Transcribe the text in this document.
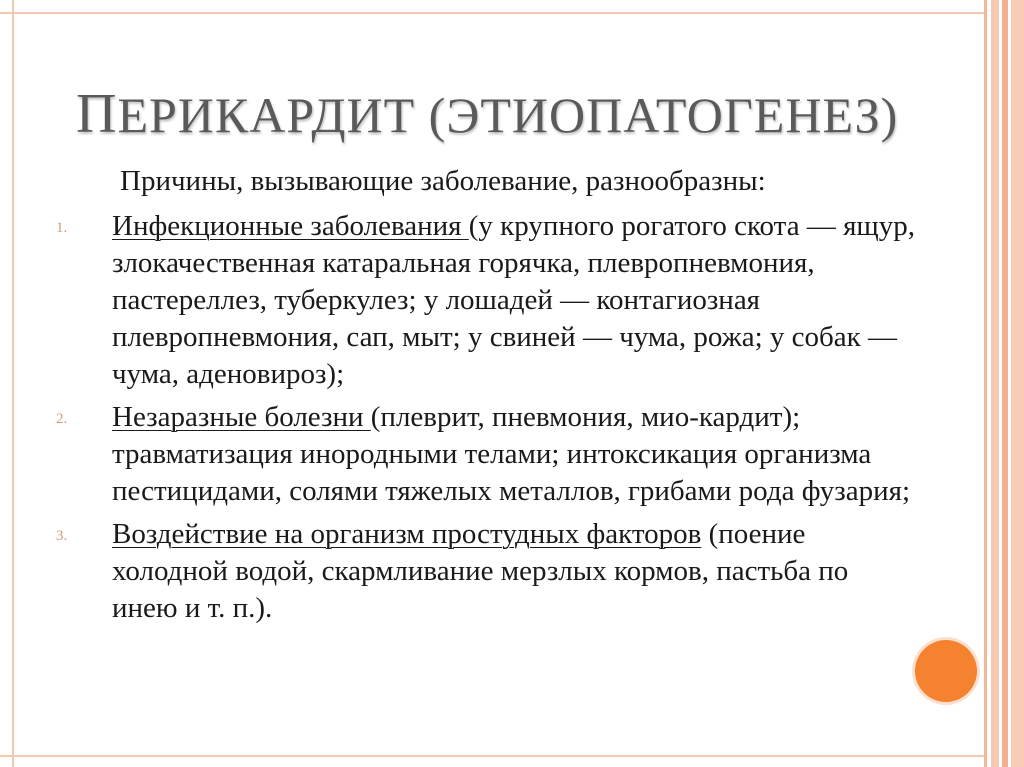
ПЕРИКАРДИТ (ЭТИОПАТОГЕНЕЗ)
Причины, вызывающие заболевание, разнообразны:
1. Инфекционные заболевания (у крупного рогатого скота — ящур, злокачественная катаральная горячка, плевропневмония, пастереллез, туберкулез; у лошадей — контагиозная плевропневмония, сап, мыт; у свиней — чума, рожа; у собак — чума, аденовироз);
2. Незаразные болезни (плеврит, пневмония, мио-кардит); травматизация инородными телами; интоксикация организма пестицидами, солями тяжелых металлов, грибами рода фузария;
3. Воздействие на организм простудных факторов (поение холодной водой, скармливание мерзлых кормов, пастьба по инею и т. п.).
